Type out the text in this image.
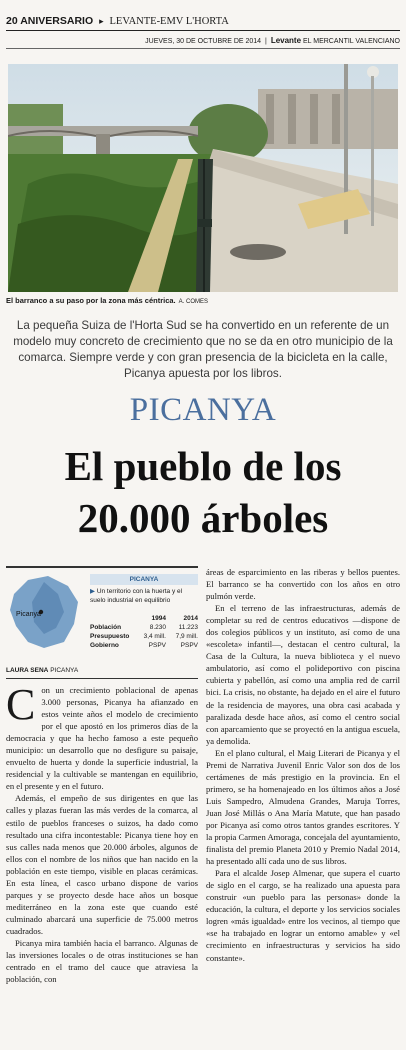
20 ANIVERSARIO ▸ LEVANTE-EMV L'HORTA
JUEVES, 30 DE OCTUBRE DE 2014 | Levante EL MERCANTIL VALENCIANO
El barranco a su paso por la zona más céntrica. A. COMES
La pequeña Suiza de l'Horta Sud se ha convertido en un referente de un modelo muy concreto de crecimiento que no se da en otro municipio de la comarca. Siempre verde y con gran presencia de la bicicleta en la calle, Picanya apuesta por los libros.
PICANYA
El pueblo de los
20.000 árboles
Picanya
PICANYA
▶ Un territorio con la huerta y el suelo industrial en equilibrio
1994	2014
Población	8.230	11.223
Presupuesto	3,4 mill.	7,9 mill.
Gobierno	PSPV	PSPV
LAURA SENA PICANYA

Con un crecimiento poblacional de apenas 3.000 personas, Picanya ha afianzado en estos veinte años el modelo de crecimiento por el que apostó en los primeros días de la democracia y que ha hecho famoso a este pequeño municipio: un desarrollo que no desfigure su paisaje, envuelto de huerta y donde la superficie industrial, la residencial y la cultivable se mantengan en equilibrio, en el presente y en el futuro.

Además, el empeño de sus dirigentes en que las calles y plazas fueran las más verdes de la comarca, al estilo de pueblos franceses o suizos, ha dado como resultado una cifra incontestable: Picanya tiene hoy en sus calles nada menos que 20.000 árboles, algunos de ellos con el nombre de los niños que han nacido en la población en este tiempo, visible en placas cerámicas. En esta línea, el casco urbano dispone de varios parques y se proyecto desde hace años un bosque mediterráneo en la zona este que cuando esté culminado abarcará una superficie de 75.000 metros cuadrados.

Picanya mira también hacia el barranco. Algunas de las inversiones locales o de otras instituciones se han centrado en el tramo del cauce que atraviesa la población, con

áreas de esparcimiento en las riberas y bellos puentes. El barranco se ha convertido con los años en otro pulmón verde.

En el terreno de las infraestructuras, además de completar su red de centros educativos —dispone de dos colegios públicos y un instituto, así como de una «escoleta» infantil—, destacan el centro cultural, la Casa de la Cultura, la nueva biblioteca y el nuevo ambulatorio, así como el polideportivo con piscina cubierta y pabellón, así como una amplia red de carril bici. La crisis, no obstante, ha dejado en el aire el futuro de la residencia de mayores, una obra casi acabada y paralizada desde hace años, así como el centro social con aparcamiento que se proyectó en la antigua escuela, ya demolida.

En el plano cultural, el Maig Literari de Picanya y el Premi de Narrativa Juvenil Enric Valor son dos de los certámenes de más prestigio en la provincia. En el primero, se ha homenajeado en los últimos años a José Luis Sampedro, Almudena Grandes, Maruja Torres, Juan José Millás o Ana María Matute, que han pasado por Picanya así como otros tantos grandes escritores. Y la propia Carmen Amoraga, concejala del ayuntamiento, finalista del premio Planeta 2010 y Premio Nadal 2014, ha presentado allí cada uno de sus libros.

Para el alcalde Josep Almenar, que supera el cuarto de siglo en el cargo, se ha realizado una apuesta para construir «un pueblo para las personas» donde la educación, la cultura, el deporte y los servicios sociales logren «más igualdad» entre los vecinos, al tiempo que «se ha trabajado en lograr un entorno amable» y «el crecimiento en infraestructuras y servicios ha sido constante».
